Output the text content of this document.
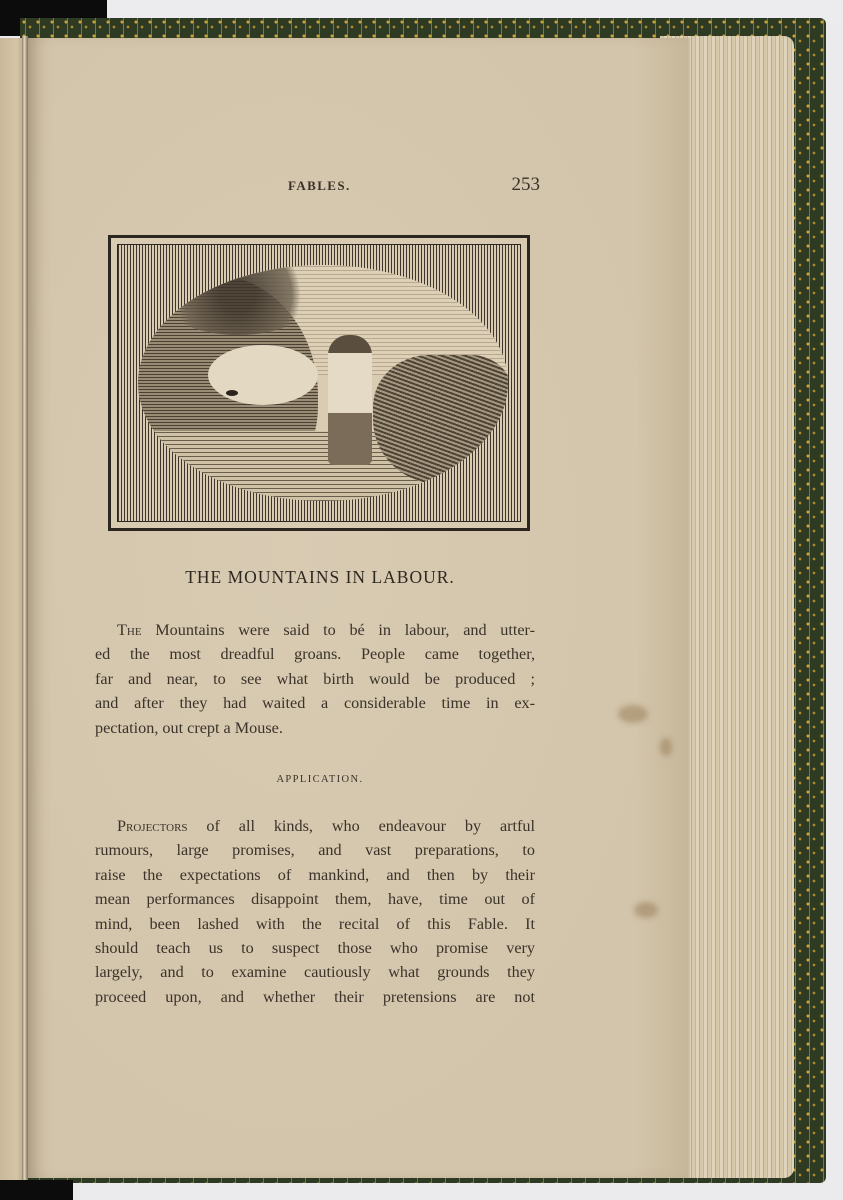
FABLES.	253
THE MOUNTAINS IN LABOUR.
The Mountains were said to bé in labour, and utter-
ed the most dreadful groans. People came together,
far and near, to see what birth would be produced ;
and after they had waited a considerable time in ex-
pectation, out crept a Mouse.
APPLICATION.
Projectors of all kinds, who endeavour by artful
rumours, large promises, and vast preparations, to
raise the expectations of mankind, and then by their
mean performances disappoint them, have, time out of
mind, been lashed with the recital of this Fable. It
should teach us to suspect those who promise very
largely, and to examine cautiously what grounds they
proceed upon, and whether their pretensions are not
